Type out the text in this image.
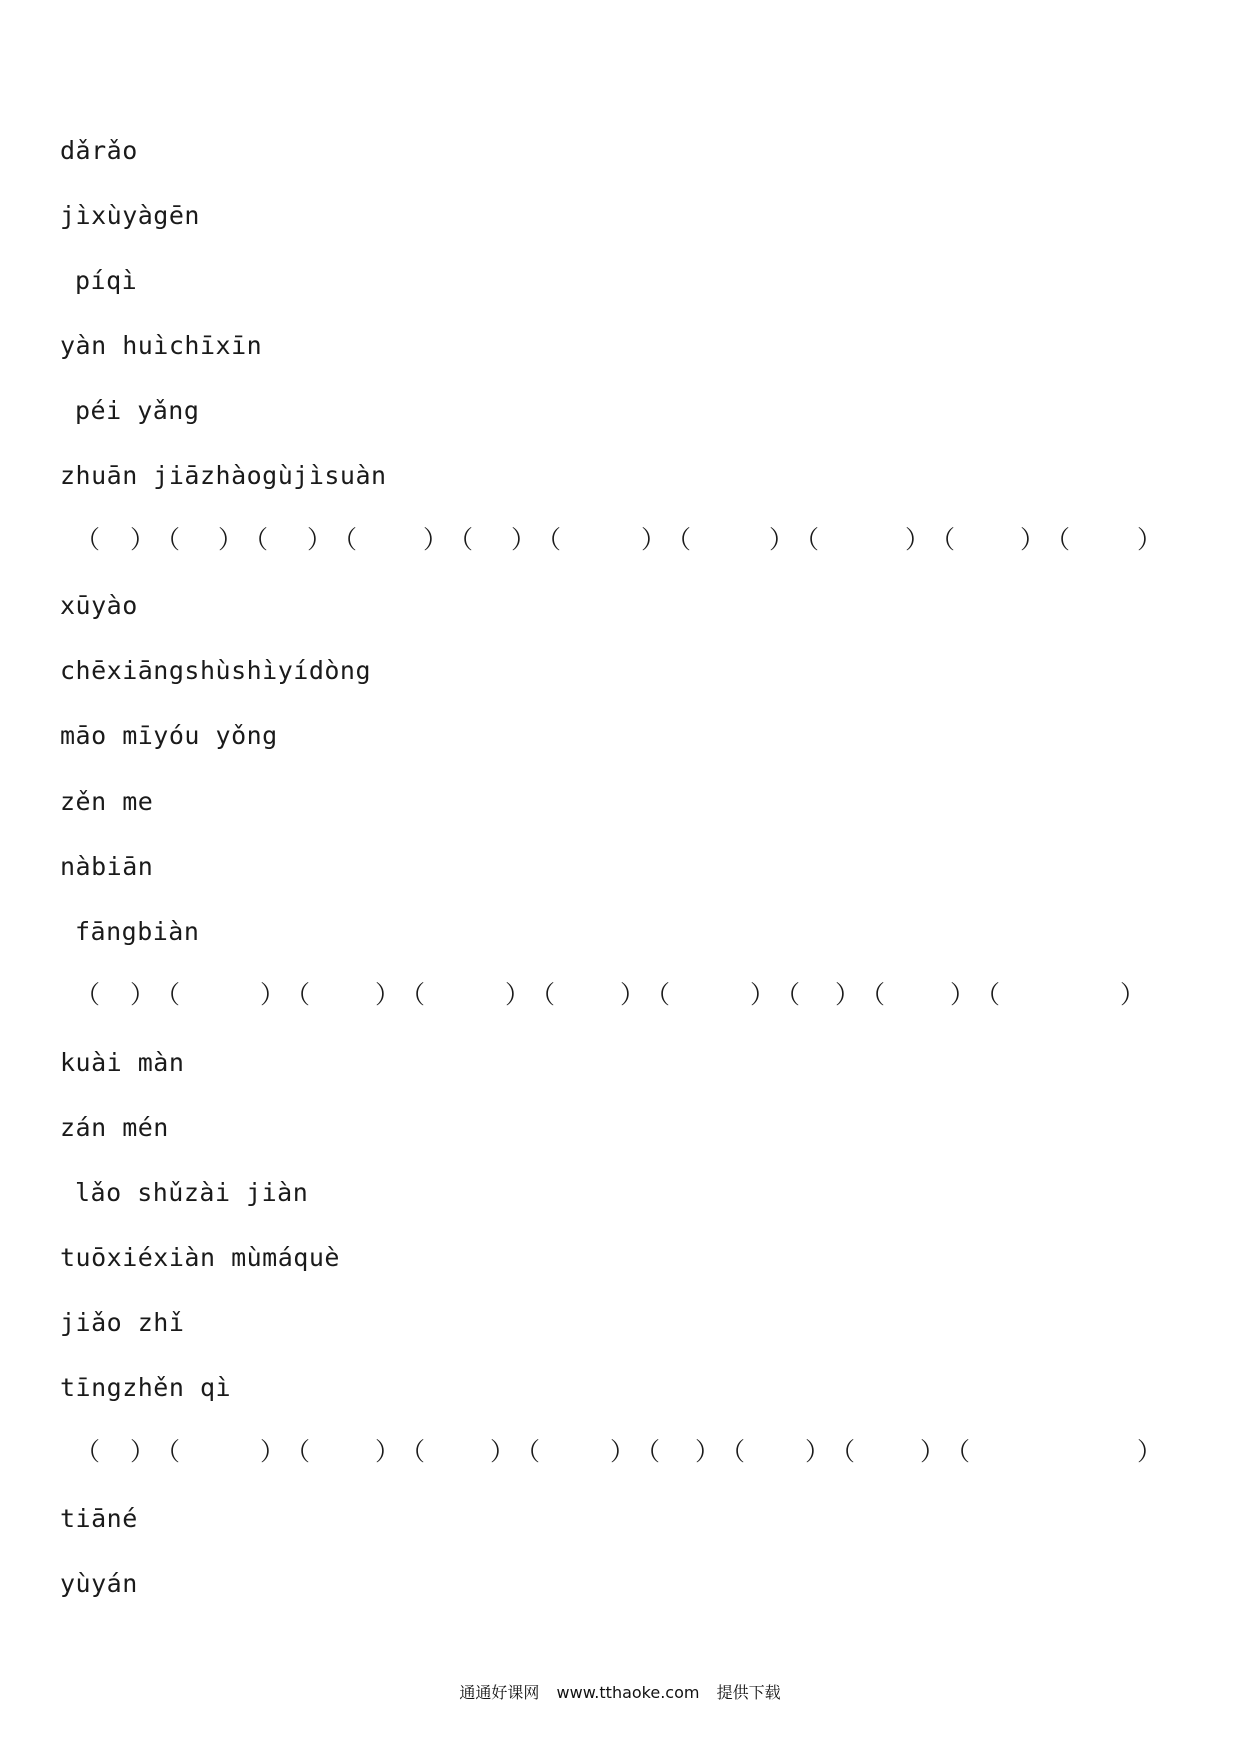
dǎrǎo
jìxùyàgēn
píqì
yàn huìchīxīn
péi yǎng
zhuān jiāzhàogùjìsuàn
（ ） （ ） （ ） （	） （ ） （	） （	） （	） （	） （	）
xūyào
chēxiāngshùshìyídòng
māo mīyóu yǒng
zěn me
nàbiān
fāngbiàn
（ ） （	） （	） （	） （	） （	） （ ） （	） （	）
kuài màn
zán mén
lǎo shǔzài jiàn
tuōxiéxiàn mùmáquè
jiǎo zhǐ
tīngzhěn qì
（ ） （	） （	） （	） （	） （ ） （ ） （	） （	）
tiāné
yùyán
通通好课网 www.tthaoke.com 提供下载
